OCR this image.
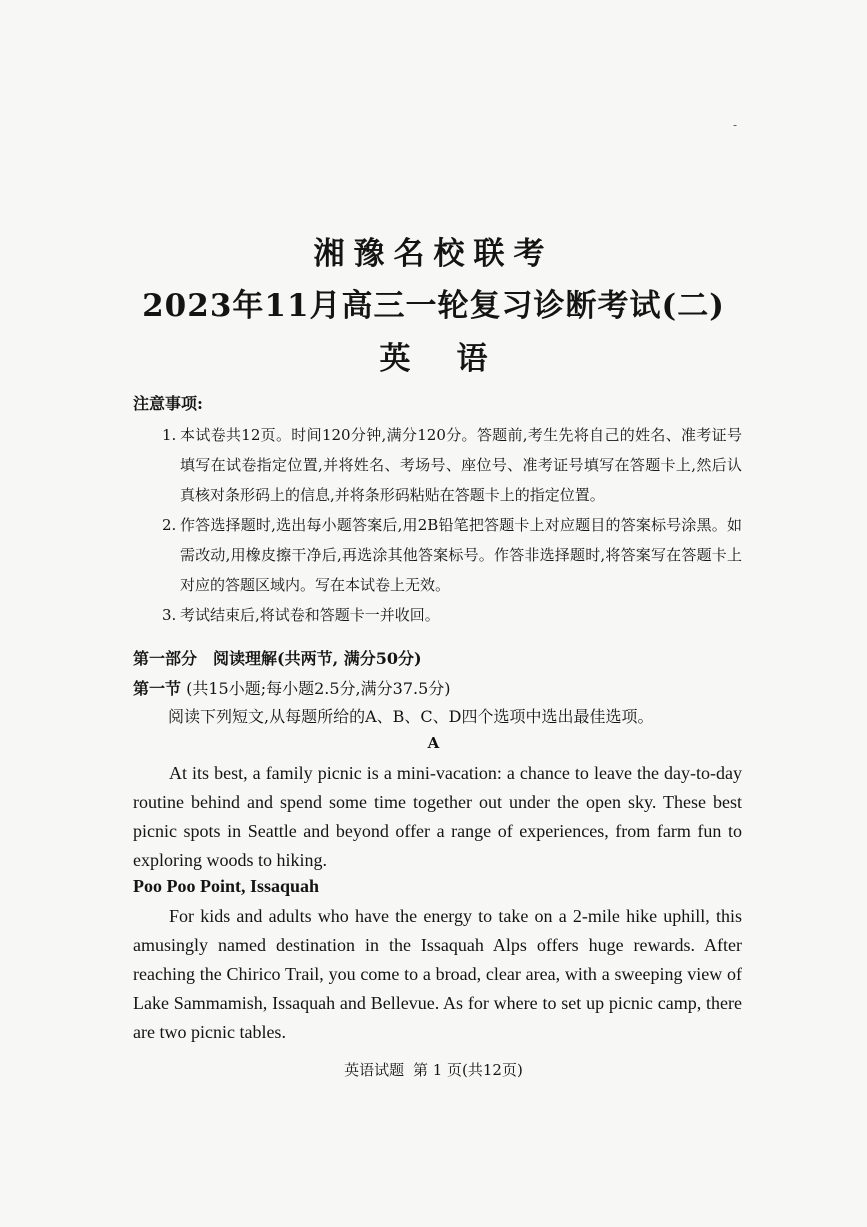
-
湘豫名校联考
2023年11月高三一轮复习诊断考试(二)
英语
注意事项:
1. 本试卷共12页。时间120分钟,满分120分。答题前,考生先将自己的姓名、准考证号填写在试卷指定位置,并将姓名、考场号、座位号、准考证号填写在答题卡上,然后认真核对条形码上的信息,并将条形码粘贴在答题卡上的指定位置。
2. 作答选择题时,选出每小题答案后,用2B铅笔把答题卡上对应题目的答案标号涂黑。如需改动,用橡皮擦干净后,再选涂其他答案标号。作答非选择题时,将答案写在答题卡上对应的答题区域内。写在本试卷上无效。
3. 考试结束后,将试卷和答题卡一并收回。
第一部分　阅读理解(共两节, 满分50分)
第一节 (共15小题;每小题2.5分,满分37.5分)
阅读下列短文,从每题所给的A、B、C、D四个选项中选出最佳选项。
A

At its best, a family picnic is a mini-vacation: a chance to leave the day-to-day routine behind and spend some time together out under the open sky. These best picnic spots in Seattle and beyond offer a range of experiences, from farm fun to exploring woods to hiking.

Poo Poo Point, Issaquah

For kids and adults who have the energy to take on a 2-mile hike uphill, this amusingly named destination in the Issaquah Alps offers huge rewards. After reaching the Chirico Trail, you come to a broad, clear area, with a sweeping view of Lake Sammamish, Issaquah and Bellevue. As for where to set up picnic camp, there are two picnic tables.

英语试题 第 1 页(共12页)
